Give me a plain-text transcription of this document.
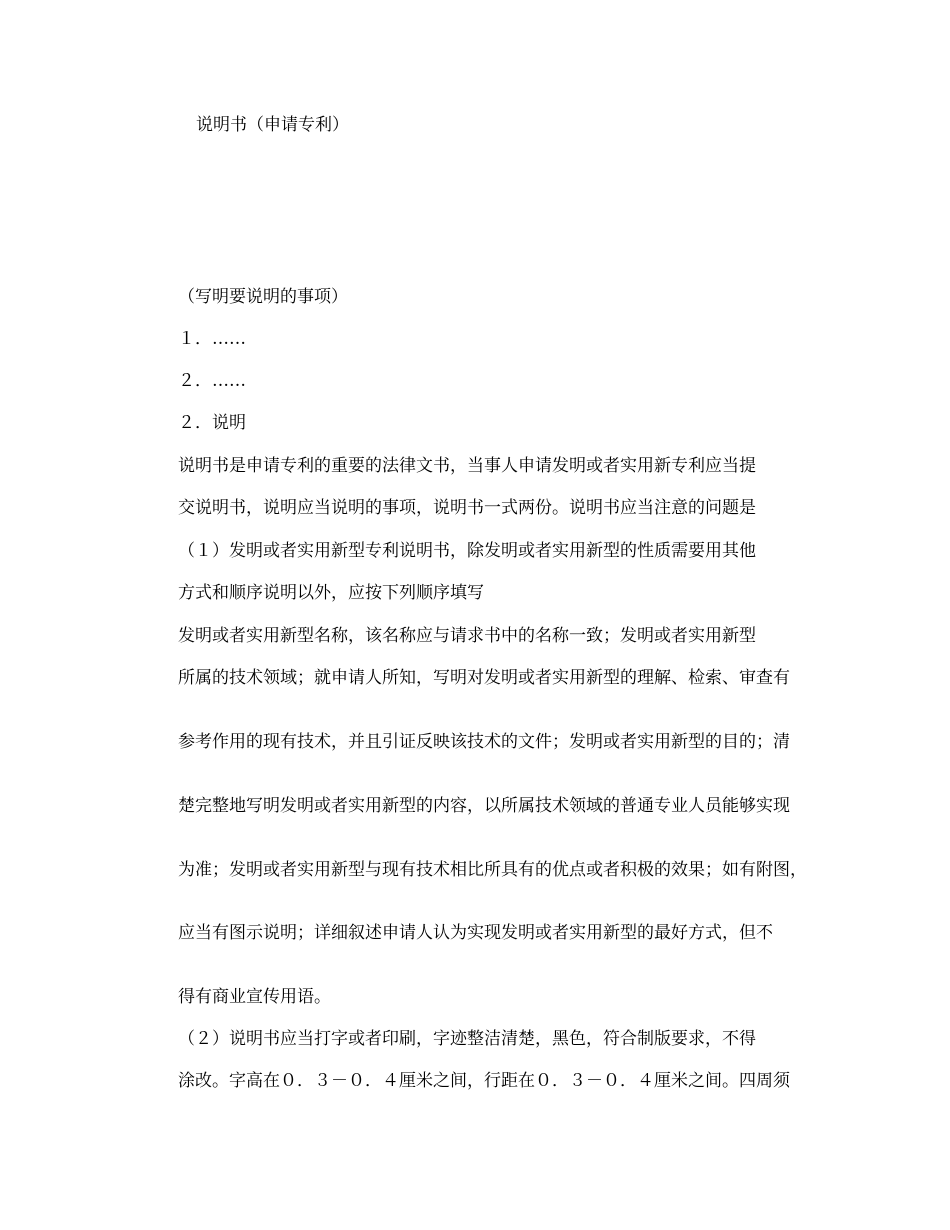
说明书（申请专利）
（写明要说明的事项）
１．……
２．……
２．说明
说明书是申请专利的重要的法律文书，当事人申请发明或者实用新专利应当提
交说明书，说明应当说明的事项，说明书一式两份。说明书应当注意的问题是
（１）发明或者实用新型专利说明书，除发明或者实用新型的性质需要用其他
方式和顺序说明以外，应按下列顺序填写
发明或者实用新型名称，该名称应与请求书中的名称一致；发明或者实用新型
所属的技术领域；就申请人所知，写明对发明或者实用新型的理解、检索、审查有
参考作用的现有技术，并且引证反映该技术的文件；发明或者实用新型的目的；清
楚完整地写明发明或者实用新型的内容，以所属技术领域的普通专业人员能够实现
为准；发明或者实用新型与现有技术相比所具有的优点或者积极的效果；如有附图，
应当有图示说明；详细叙述申请人认为实现发明或者实用新型的最好方式，但不
得有商业宣传用语。
（２）说明书应当打字或者印刷，字迹整洁清楚，黑色，符合制版要求，不得
涂改。字高在０．３－０．４厘米之间，行距在０．３－０．４厘米之间。四周须
